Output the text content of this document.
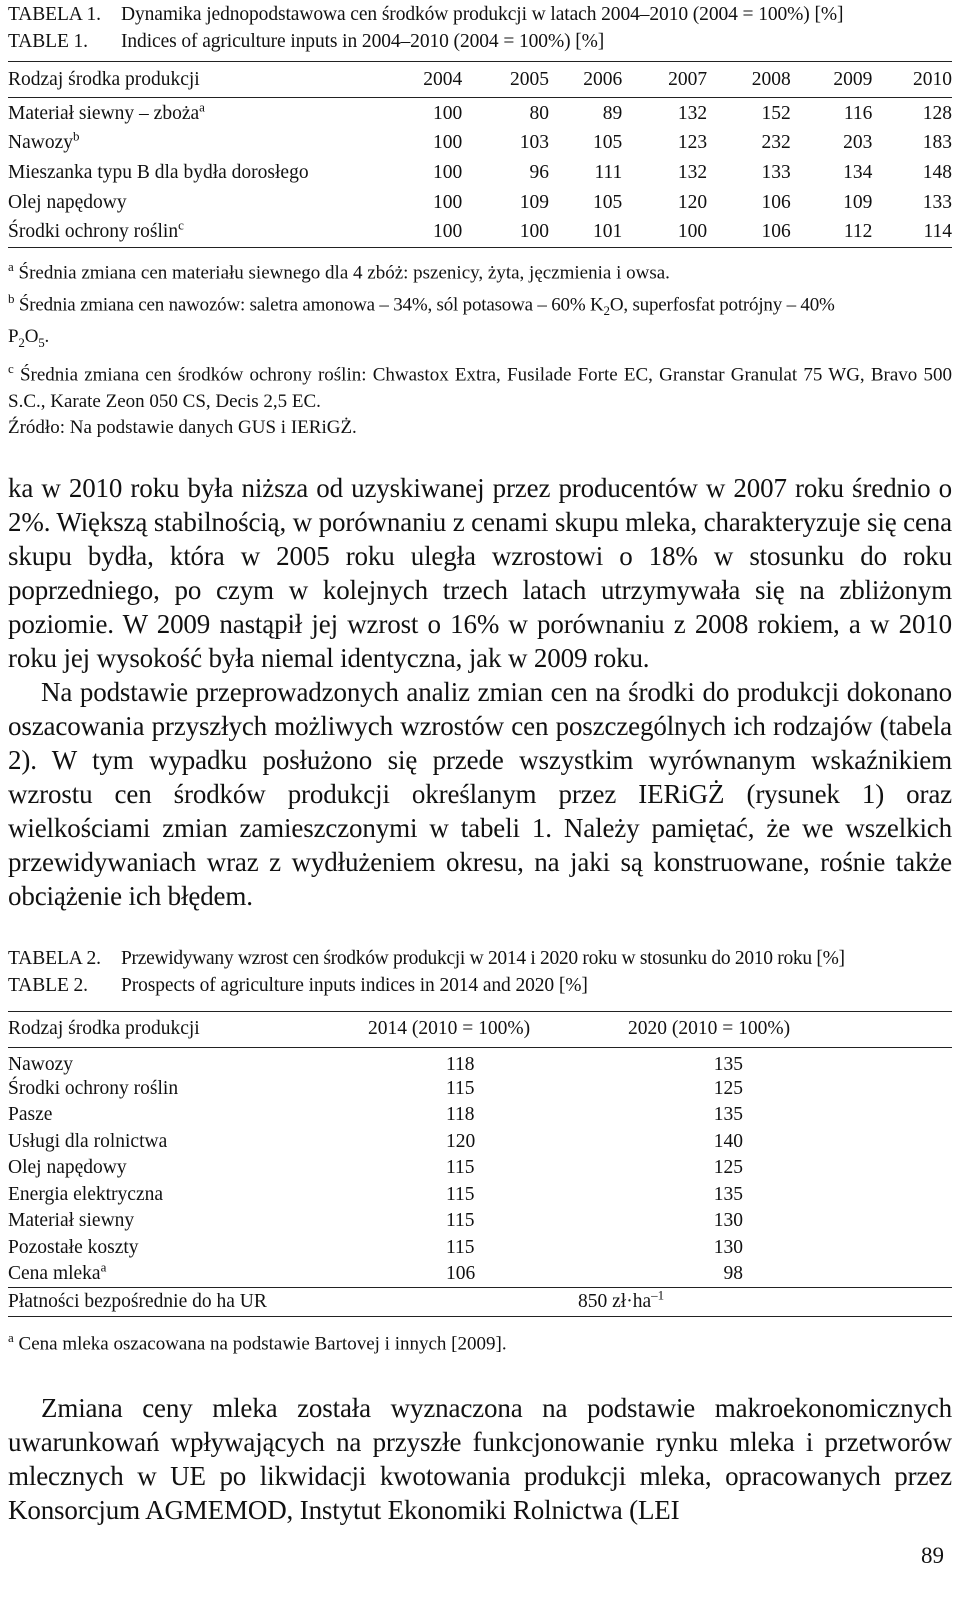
TABELA 1.	Dynamika jednopodstawowa cen środków produkcji w latach 2004–2010 (2004 = 100%) [%]
TABLE 1.	Indices of agriculture inputs in 2004–2010 (2004 = 100%) [%]
Rodzaj środka produkcji	2004	2005	2006	2007	2008	2009	2010
Materiał siewny – zboża$^a$	100	80	89	132	152	116	128
Nawozy$^b$	100	103	105	123	232	203	183
Mieszanka typu B dla bydła dorosłego	100	96	111	132	133	134	148
Olej napędowy	100	109	105	120	106	109	133
Środki ochrony roślin$^c$	100	100	101	100	106	112	114
$^a$ Średnia zmiana cen materiału siewnego dla 4 zbóż: pszenicy, żyta, jęczmienia i owsa.
$^b$ Średnia zmiana cen nawozów: saletra amonowa – 34%, sól potasowa – 60% $K_2O$, superfosfat potrójny – 40%
$P_2O_5$.
$^c$ Średnia zmiana cen środków ochrony roślin: Chwastox Extra, Fusilade Forte EC, Granstar Granulat 75 WG, Bravo 500 S.C., Karate Zeon 050 CS, Decis 2,5 EC.
Źródło: Na podstawie danych GUS i IERiGŻ.

ka w 2010 roku była niższa od uzyskiwanej przez producentów w 2007 roku średnio o 2%. Większą stabilnością, w porównaniu z cenami skupu mleka, charakteryzuje się cena skupu bydła, która w 2005 roku uległa wzrostowi o 18% w stosunku do roku poprzedniego, po czym w kolejnych trzech latach utrzymywała się na zbliżonym poziomie. W 2009 nastąpił jej wzrost o 16% w porównaniu z 2008 rokiem, a w 2010 roku jej wysokość była niemal identyczna, jak w 2009 roku.

Na podstawie przeprowadzonych analiz zmian cen na środki do produkcji dokonano oszacowania przyszłych możliwych wzrostów cen poszczególnych ich rodzajów (tabela 2). W tym wypadku posłużono się przede wszystkim wyrównanym wskaźnikiem wzrostu cen środków produkcji określanym przez IERiGŻ (rysunek 1) oraz wielkościami zmian zamieszczonymi w tabeli 1. Należy pamiętać, że we wszelkich przewidywaniach wraz z wydłużeniem okresu, na jaki są konstruowane, rośnie także obciążenie ich błędem.

TABELA 2.	Przewidywany wzrost cen środków produkcji w 2014 i 2020 roku w stosunku do 2010 roku [%]
TABLE 2.	Prospects of agriculture inputs indices in 2014 and 2020 [%]
Rodzaj środka produkcji	2014 (2010 = 100%)	2020 (2010 = 100%)
Nawozy	118	135
Środki ochrony roślin	115	125
Pasze	118	135
Usługi dla rolnictwa	120	140
Olej napędowy	115	125
Energia elektryczna	115	135
Materiał siewny	115	130
Pozostałe koszty	115	130
Cena mleka$^a$	106	98
Płatności bezpośrednie do ha UR	850 $zł\cdot ha^{-1}$
$^a$ Cena mleka oszacowana na podstawie Bartovej i innych [2009].

Zmiana ceny mleka została wyznaczona na podstawie makroekonomicznych uwarunkowań wpływających na przyszłe funkcjonowanie rynku mleka i przetworów mlecznych w UE po likwidacji kwotowania produkcji mleka, opracowanych przez Konsorcjum AGMEMOD, Instytut Ekonomiki Rolnictwa (LEI

89
